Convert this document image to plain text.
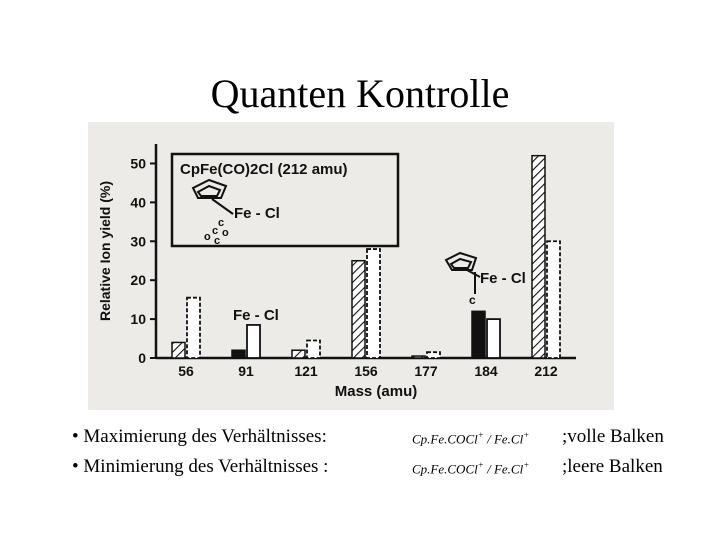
Quanten Kontrolle
0
10
20
30
40
50
Relative Ion yield (%)
Mass (amu)
56	91	121	156	177	184	212
CpFe(CO)2Cl (212 amu)
Fe - Cl
c
c o
o c
Fe - Cl
Fe - Cl
c
• Maximierung des Verhältnisses:	Cp.Fe.COCl+ / Fe.Cl+ ;volle Balken
• Minimierung des Verhältnisses :	Cp.Fe.COCl+ / Fe.Cl+ ;leere Balken
